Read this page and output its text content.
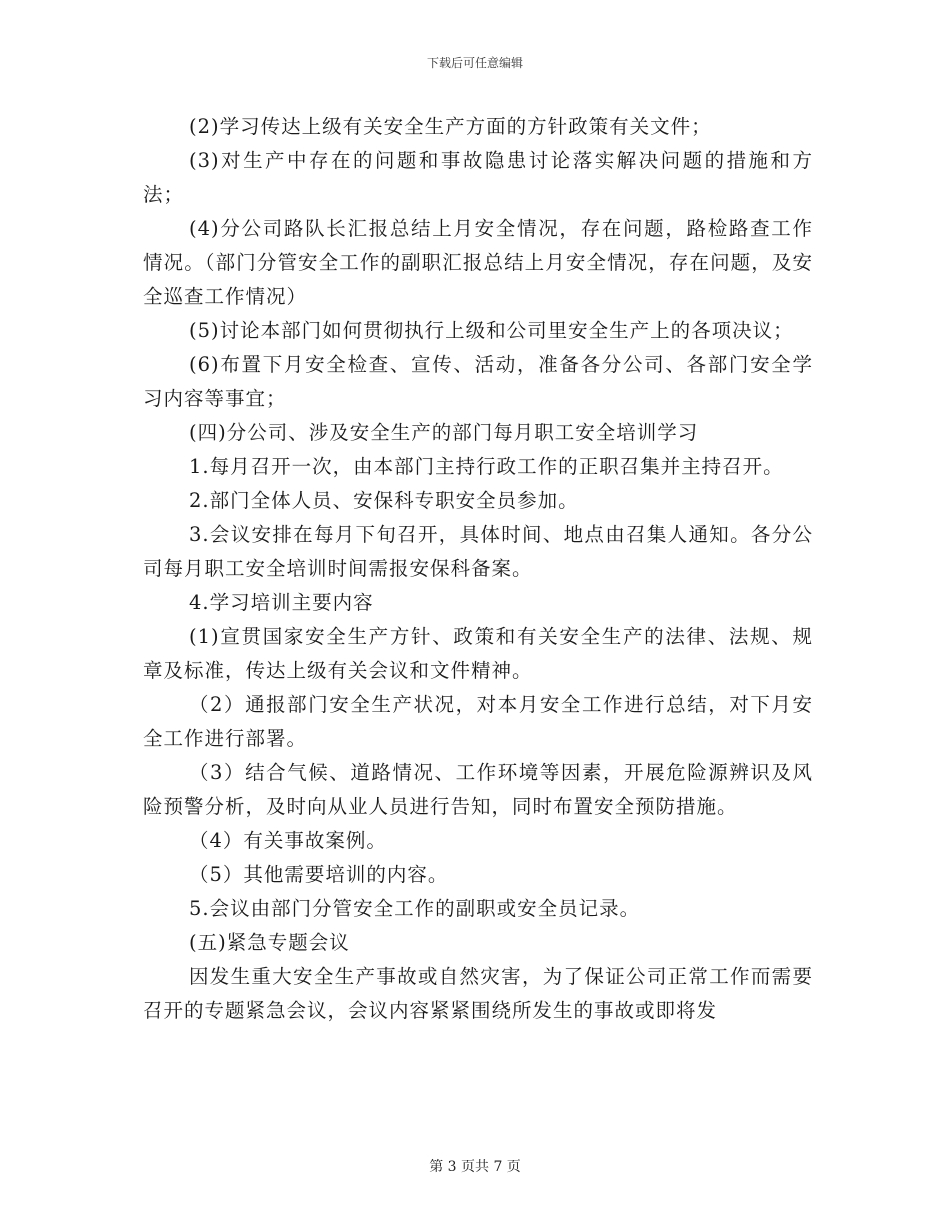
下载后可任意编辑

(2)学习传达上级有关安全生产方面的方针政策有关文件；

(3)对生产中存在的问题和事故隐患讨论落实解决问题的措施和方法；

(4)分公司路队长汇报总结上月安全情况，存在问题，路检路查工作情况。（部门分管安全工作的副职汇报总结上月安全情况，存在问题，及安全巡查工作情况）

(5)讨论本部门如何贯彻执行上级和公司里安全生产上的各项决议；

(6)布置下月安全检查、宣传、活动，准备各分公司、各部门安全学习内容等事宜；

(四)分公司、涉及安全生产的部门每月职工安全培训学习

1.每月召开一次，由本部门主持行政工作的正职召集并主持召开。

2.部门全体人员、安保科专职安全员参加。

3.会议安排在每月下旬召开，具体时间、地点由召集人通知。各分公司每月职工安全培训时间需报安保科备案。

4.学习培训主要内容

(1)宣贯国家安全生产方针、政策和有关安全生产的法律、法规、规章及标准，传达上级有关会议和文件精神。

（2）通报部门安全生产状况，对本月安全工作进行总结，对下月安全工作进行部署。

（3）结合气候、道路情况、工作环境等因素，开展危险源辨识及风险预警分析，及时向从业人员进行告知，同时布置安全预防措施。

（4）有关事故案例。

（5）其他需要培训的内容。

5.会议由部门分管安全工作的副职或安全员记录。

(五)紧急专题会议

因发生重大安全生产事故或自然灾害，为了保证公司正常工作而需要召开的专题紧急会议，会议内容紧紧围绕所发生的事故或即将发

第 3 页共 7 页
